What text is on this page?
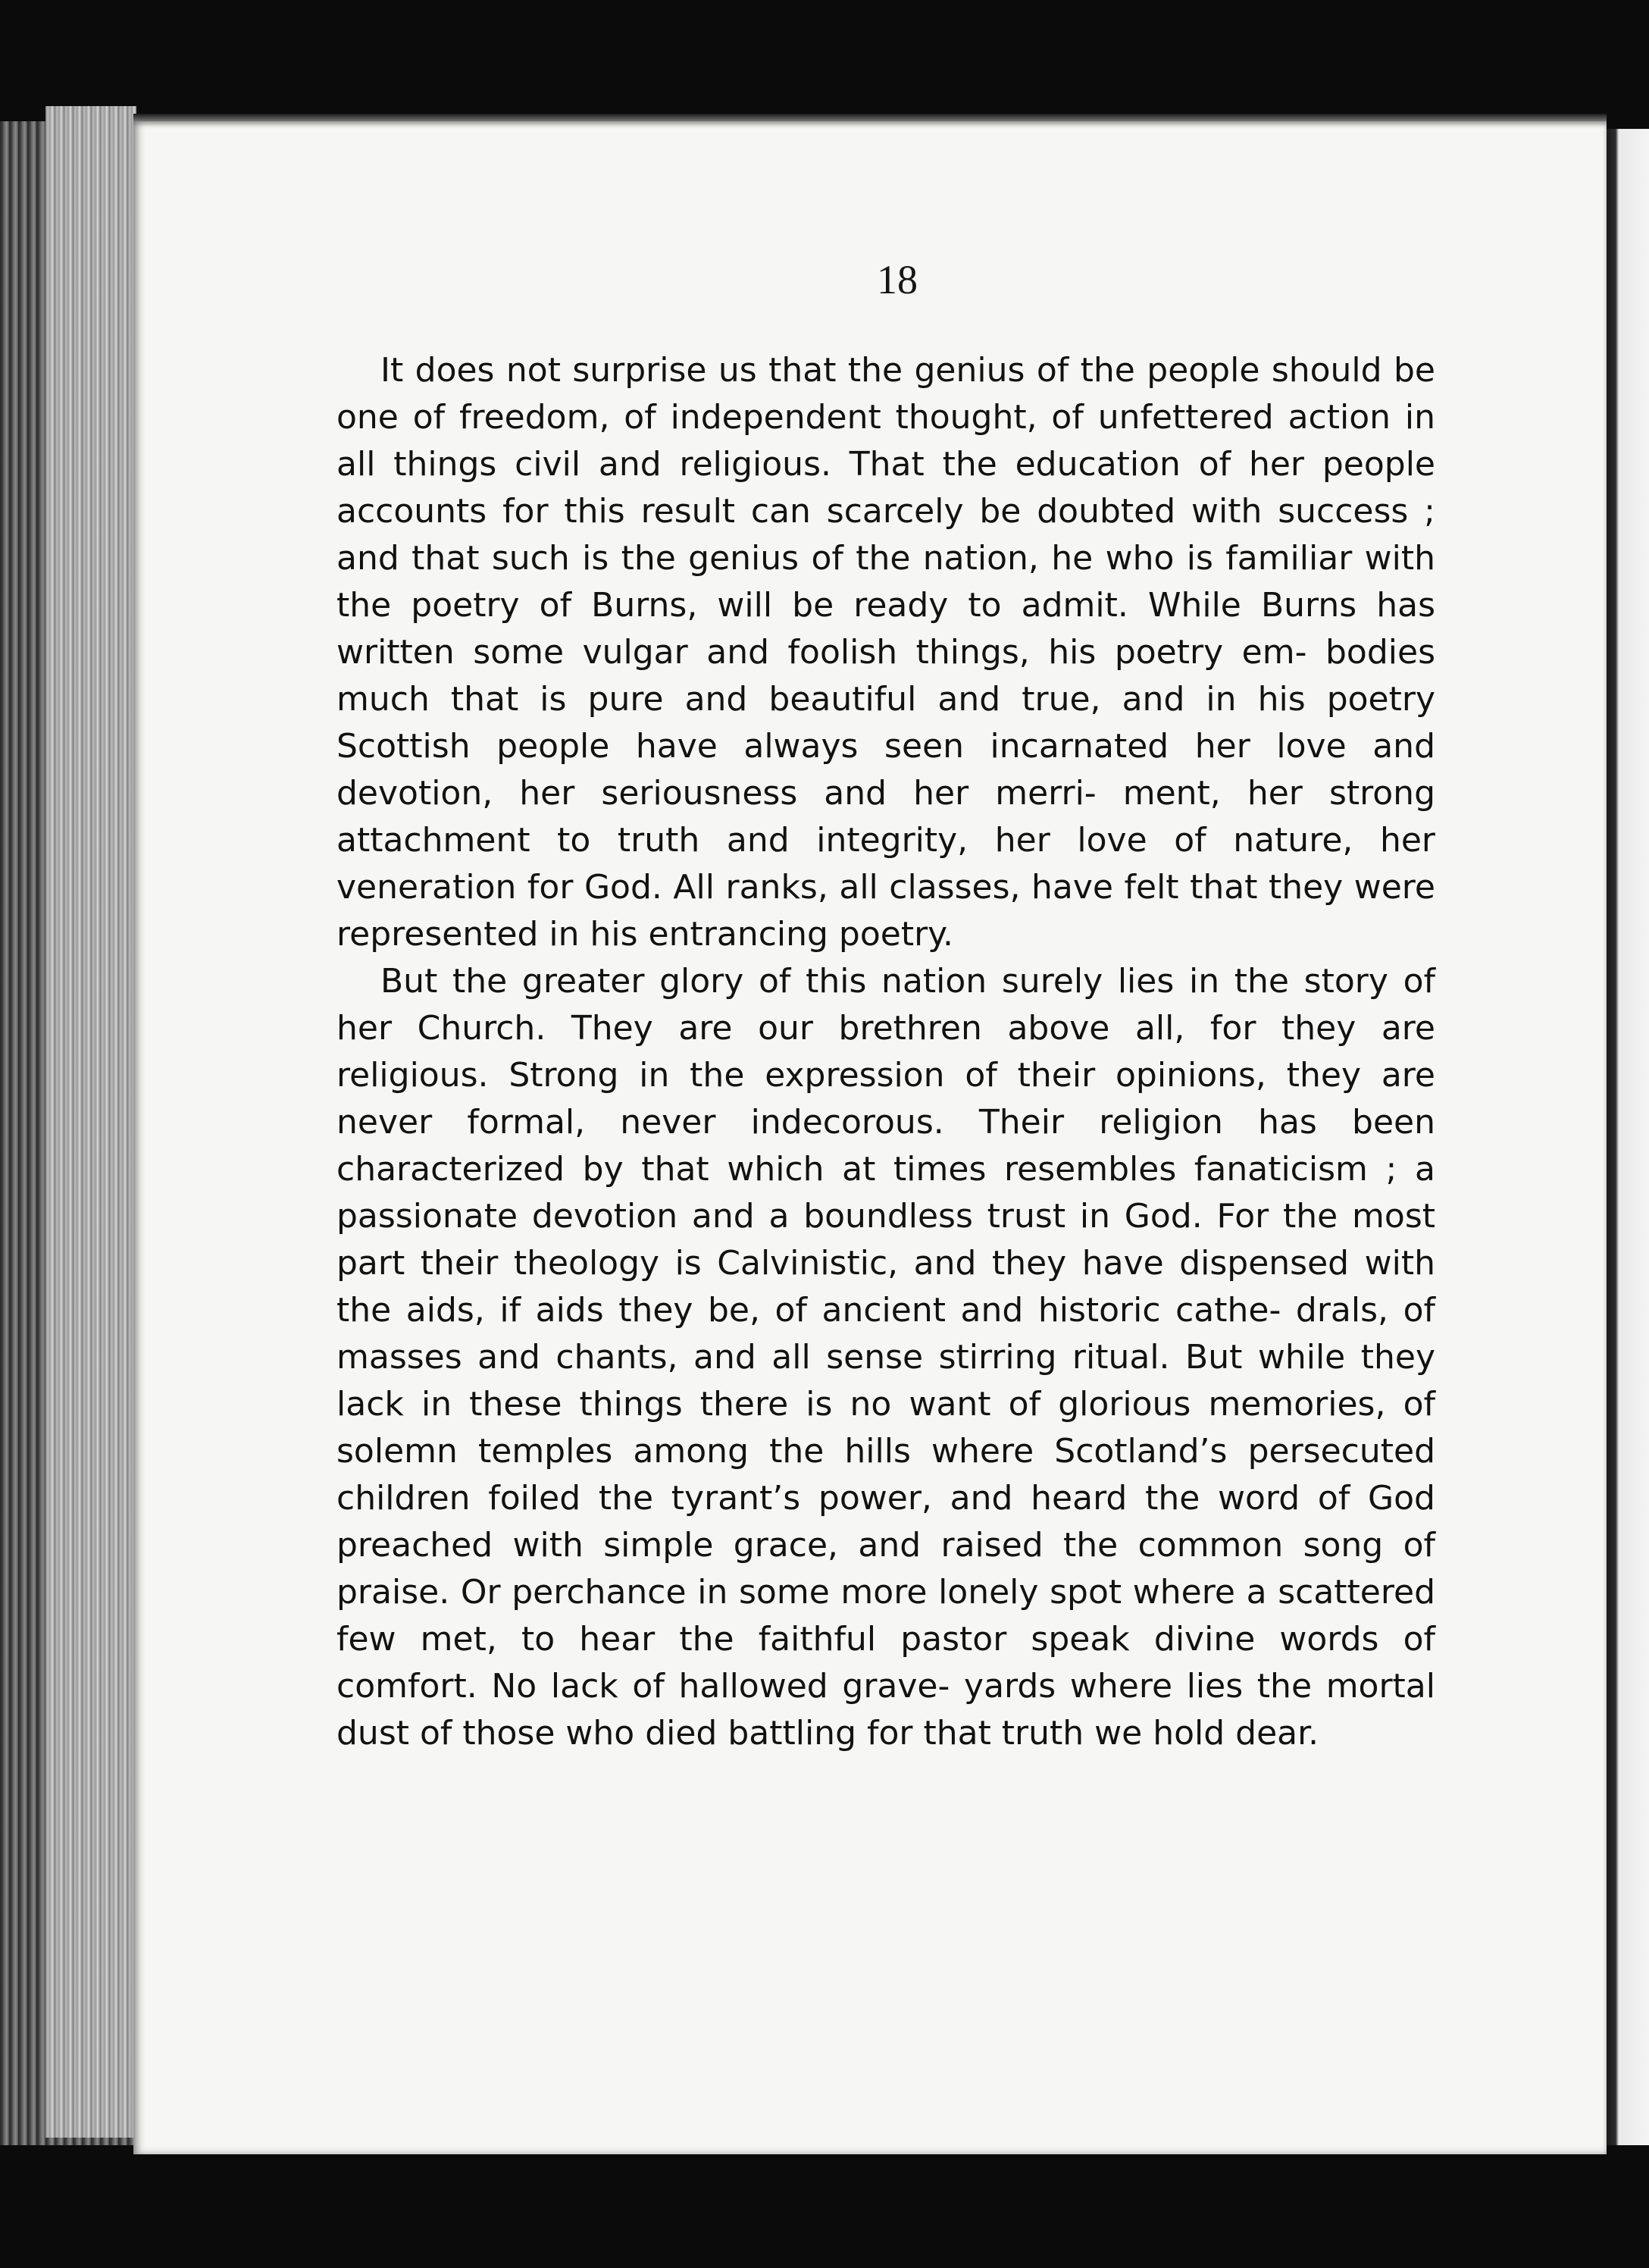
18

It does not surprise us that the genius of the people should be one of freedom, of independent thought, of unfettered action in all things civil and religious. That the education of her people accounts for this result can scarcely be doubted with success ; and that such is the genius of the nation, he who is familiar with the poetry of Burns, will be ready to admit. While Burns has written some vulgar and foolish things, his poetry em- bodies much that is pure and beautiful and true, and in his poetry Scottish people have always seen incarnated her love and devotion, her seriousness and her merri- ment, her strong attachment to truth and integrity, her love of nature, her veneration for God. All ranks, all classes, have felt that they were represented in his entrancing poetry.

But the greater glory of this nation surely lies in the story of her Church. They are our brethren above all, for they are religious. Strong in the expression of their opinions, they are never formal, never indecorous. Their religion has been characterized by that which at times resembles fanaticism ; a passionate devotion and a boundless trust in God. For the most part their theology is Calvinistic, and they have dispensed with the aids, if aids they be, of ancient and historic cathe- drals, of masses and chants, and all sense stirring ritual. But while they lack in these things there is no want of glorious memories, of solemn temples among the hills where Scotland’s persecuted children foiled the tyrant’s power, and heard the word of God preached with simple grace, and raised the common song of praise. Or perchance in some more lonely spot where a scattered few met, to hear the faithful pastor speak divine words of comfort. No lack of hallowed grave- yards where lies the mortal dust of those who died battling for that truth we hold dear.
